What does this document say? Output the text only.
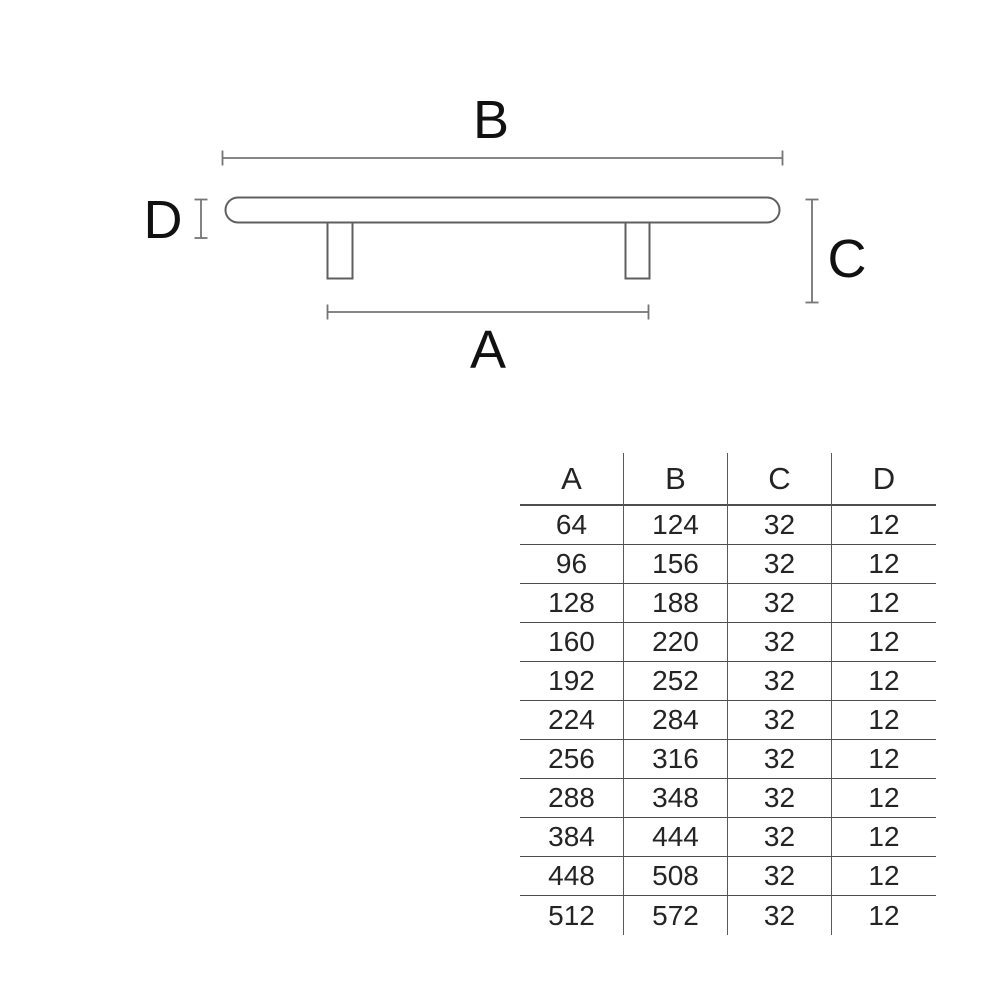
B
A
D
C
A	B	C	D
64	124	32	12
96	156	32	12
128	188	32	12
160	220	32	12
192	252	32	12
224	284	32	12
256	316	32	12
288	348	32	12
384	444	32	12
448	508	32	12
512	572	32	12
